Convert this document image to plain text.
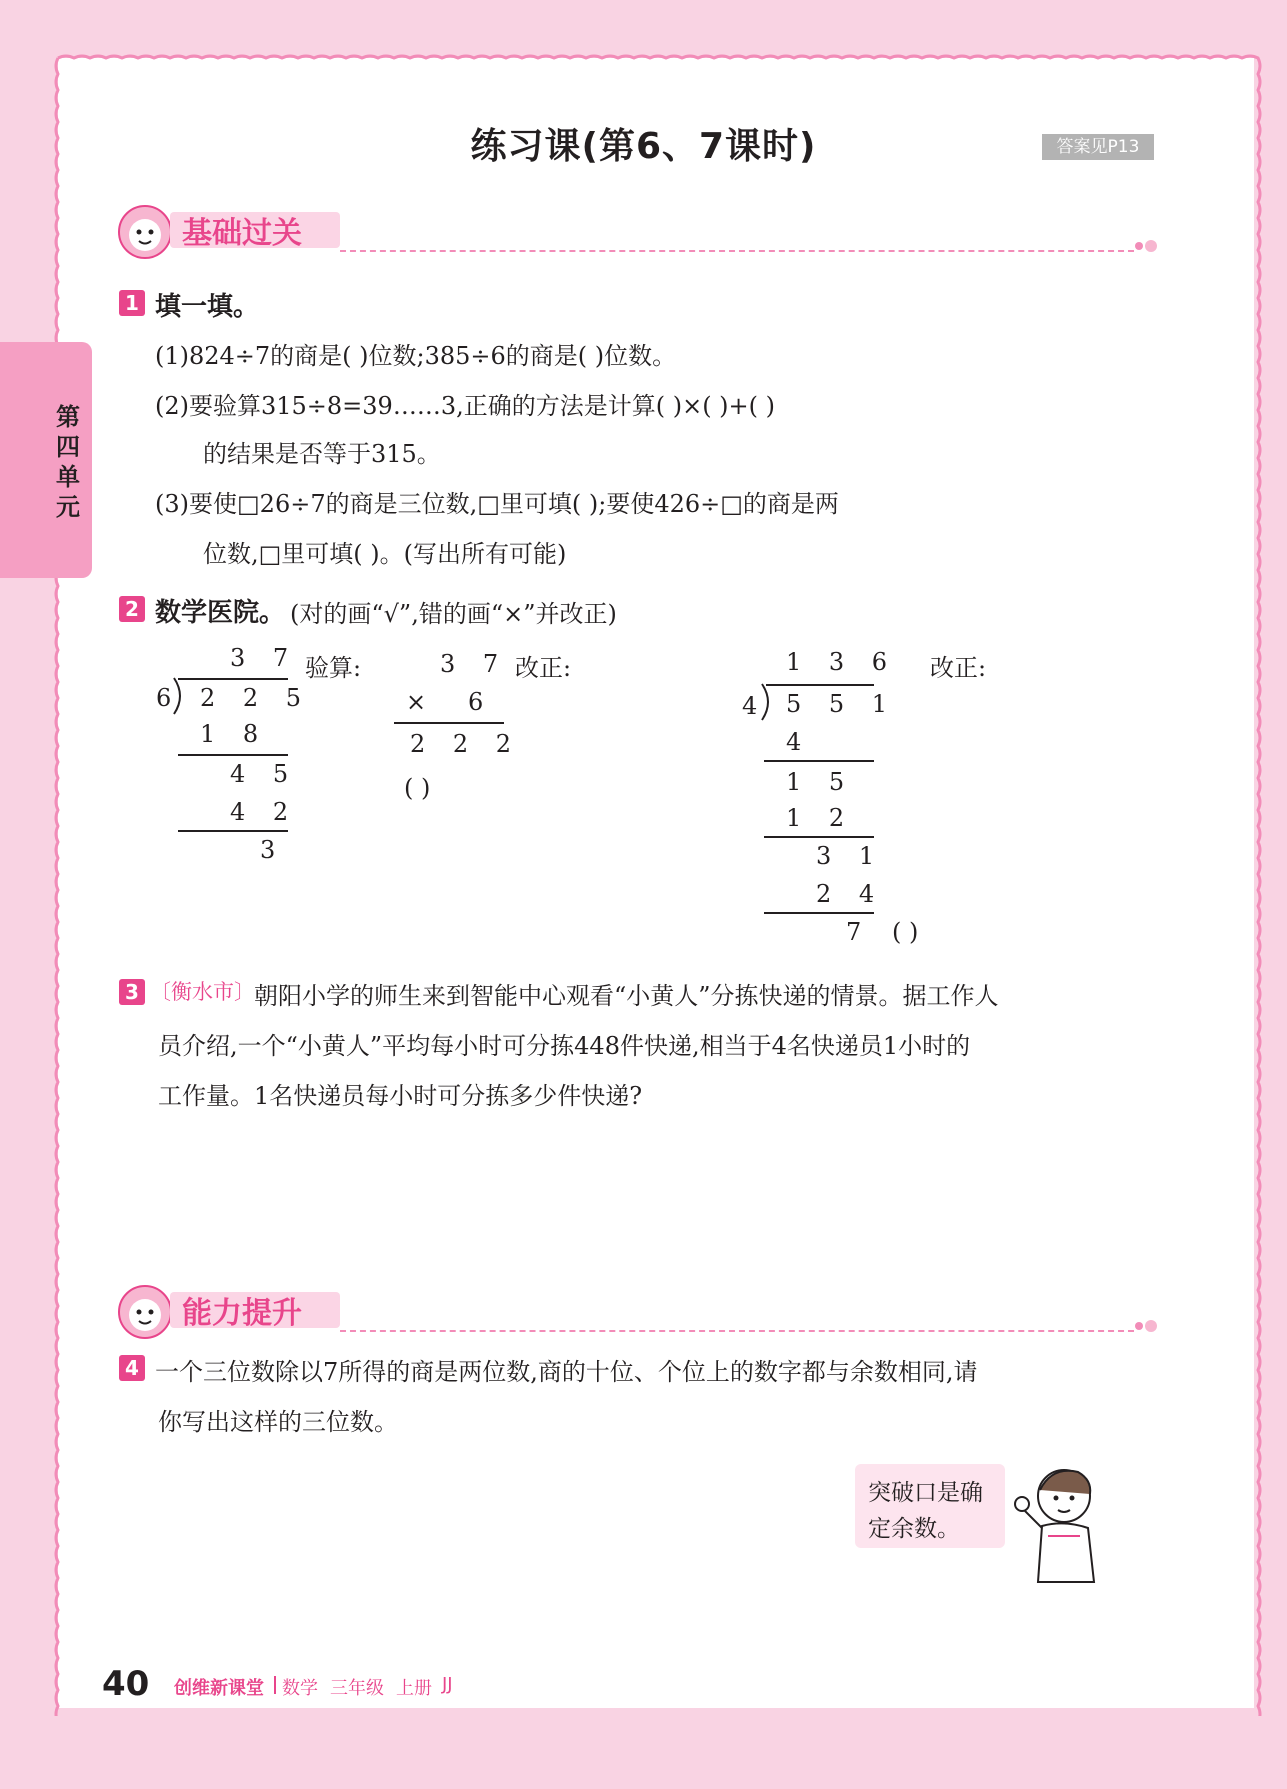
第四单元
练习课(第6、7课时)	答案见P13
基础过关
1 填一填。
(1)824÷7的商是( )位数;385÷6的商是( )位数。
(2)要验算315÷8=39……3,正确的方法是计算( )×( )+( )
的结果是否等于315。
(3)要使□26÷7的商是三位数,□里可填( );要使426÷□的商是两
位数,□里可填( )。(写出所有可能)
2 数学医院。 (对的画“√”,错的画“×”并改正)
3 7
6 2 2 5
1 8
4 5
4 2
3
验算:	3 7
× 6
2 2 2
( )
改正:	1 3 6
4 5 5 1
4
1 5
1 2
3 1
2 4
7 ( )
改正:
3 〔衡水市〕 朝阳小学的师生来到智能中心观看“小黄人”分拣快递的情景。据工作人
员介绍,一个“小黄人”平均每小时可分拣448件快递,相当于4名快递员1小时的
工作量。1名快递员每小时可分拣多少件快递?
能力提升
4 一个三位数除以7所得的商是两位数,商的十位、个位上的数字都与余数相同,请
你写出这样的三位数。
突破口是确
定余数。
40 创维新课堂 数学 三年级 上册 JJ
